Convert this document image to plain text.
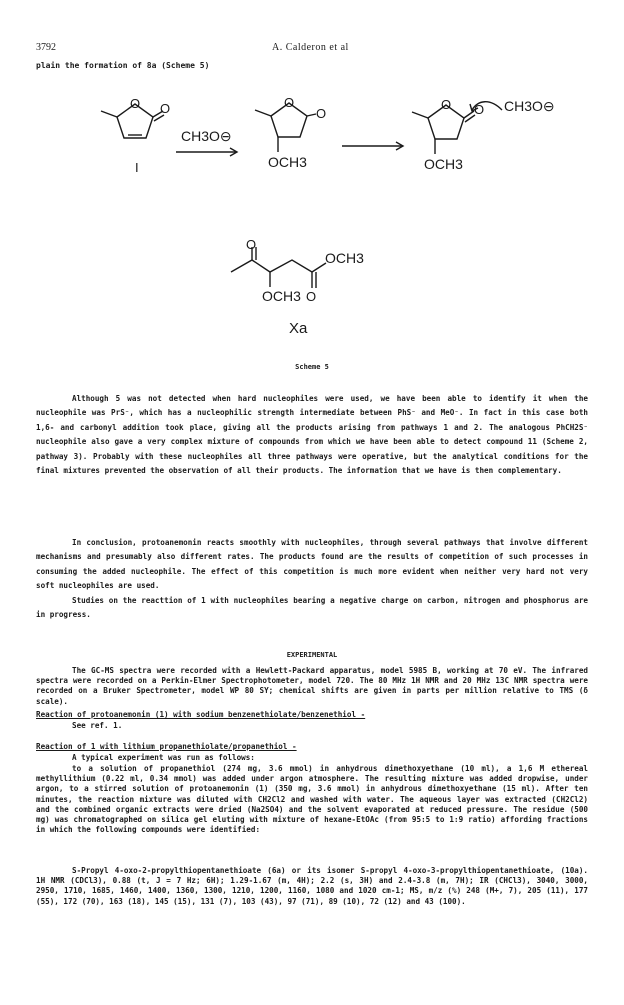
3792	A. Calderon et al
plain the formation of 8a (Scheme 5)
O O	O
O
O O
O
O
CH3O⊖
I	OCH3	OCH3
CH3O⊖
OCH3
OCH3
Xa
Scheme 5
Although 5 was not detected when hard nucleophiles were used, we have been able to identify it when the nucleophile was PrS⁻, which has a nucleophilic strength intermediate between PhS⁻ and MeO⁻. In fact in this case both 1,6- and carbonyl addition took place, giving all the products arising from pathways 1 and 2. The analogous PhCH2S⁻ nucleophile also gave a very complex mixture of compounds from which we have been able to detect compound 11 (Scheme 2, pathway 3). Probably with these nucleophiles all three pathways were operative, but the analytical conditions for the final mixtures prevented the observation of all their products. The information that we have is then complementary.
In conclusion, protoanemonin reacts smoothly with nucleophiles, through several pathways that involve different mechanisms and presumably also different rates. The products found are the results of competition of such processes in consuming the added nucleophile. The effect of this competition is much more evident when neither very hard not very soft nucleophiles are used.
Studies on the reacttion of 1 with nucleophiles bearing a negative charge on carbon, nitrogen and phosphorus are in progress.
EXPERIMENTAL
The GC-MS spectra were recorded with a Hewlett-Packard apparatus, model 5985 B, working at 70 eV. The infrared spectra were recorded on a Perkin-Elmer Spectrophotometer, model 720. The 80 MHz 1H NMR and 20 MHz 13C NMR spectra were recorded on a Bruker Spectrometer, model WP 80 SY; chemical shifts are given in parts per million relative to TMS (δ scale).
Reaction of protoanemonin (1) with sodium benzenethiolate/benzenethiol -
See ref. 1.
Reaction of 1 with lithium propanethiolate/propanethiol -
A typical experiment was run as follows:
to a solution of propanethiol (274 mg, 3.6 mmol) in anhydrous dimethoxyethane (10 ml), a 1,6 M ethereal methyllithium (0.22 ml, 0.34 mmol) was added under argon atmosphere. The resulting mixture was added dropwise, under argon, to a stirred solution of protoanemonin (1) (350 mg, 3.6 mmol) in anhydrous dimethoxyethane (15 ml). After ten minutes, the reaction mixture was diluted with CH2Cl2 and washed with water. The aqueous layer was extracted (CH2Cl2) and the combined organic extracts were dried (Na2SO4) and the solvent evaporated at reduced pressure. The residue (500 mg) was chromatographed on silica gel eluting with mixture of hexane-EtOAc (from 95:5 to 1:9 ratio) affording fractions in which the following compounds were identified:
S-Propyl 4-oxo-2-propylthiopentanethioate (6a) or its isomer S-propyl 4-oxo-3-propylthiopentanethioate, (10a). 1H NMR (CDCl3), 0.88 (t, J = 7 Hz; 6H); 1.29-1.67 (m, 4H); 2.2 (s, 3H) and 2.4-3.8 (m, 7H); IR (CHCl3), 3040, 3000, 2950, 1710, 1685, 1460, 1400, 1360, 1300, 1210, 1200, 1160, 1080 and 1020 cm-1; MS, m/z (%) 248 (M+, 7), 205 (11), 177 (55), 172 (70), 163 (18), 145 (15), 131 (7), 103 (43), 97 (71), 89 (10), 72 (12) and 43 (100).
